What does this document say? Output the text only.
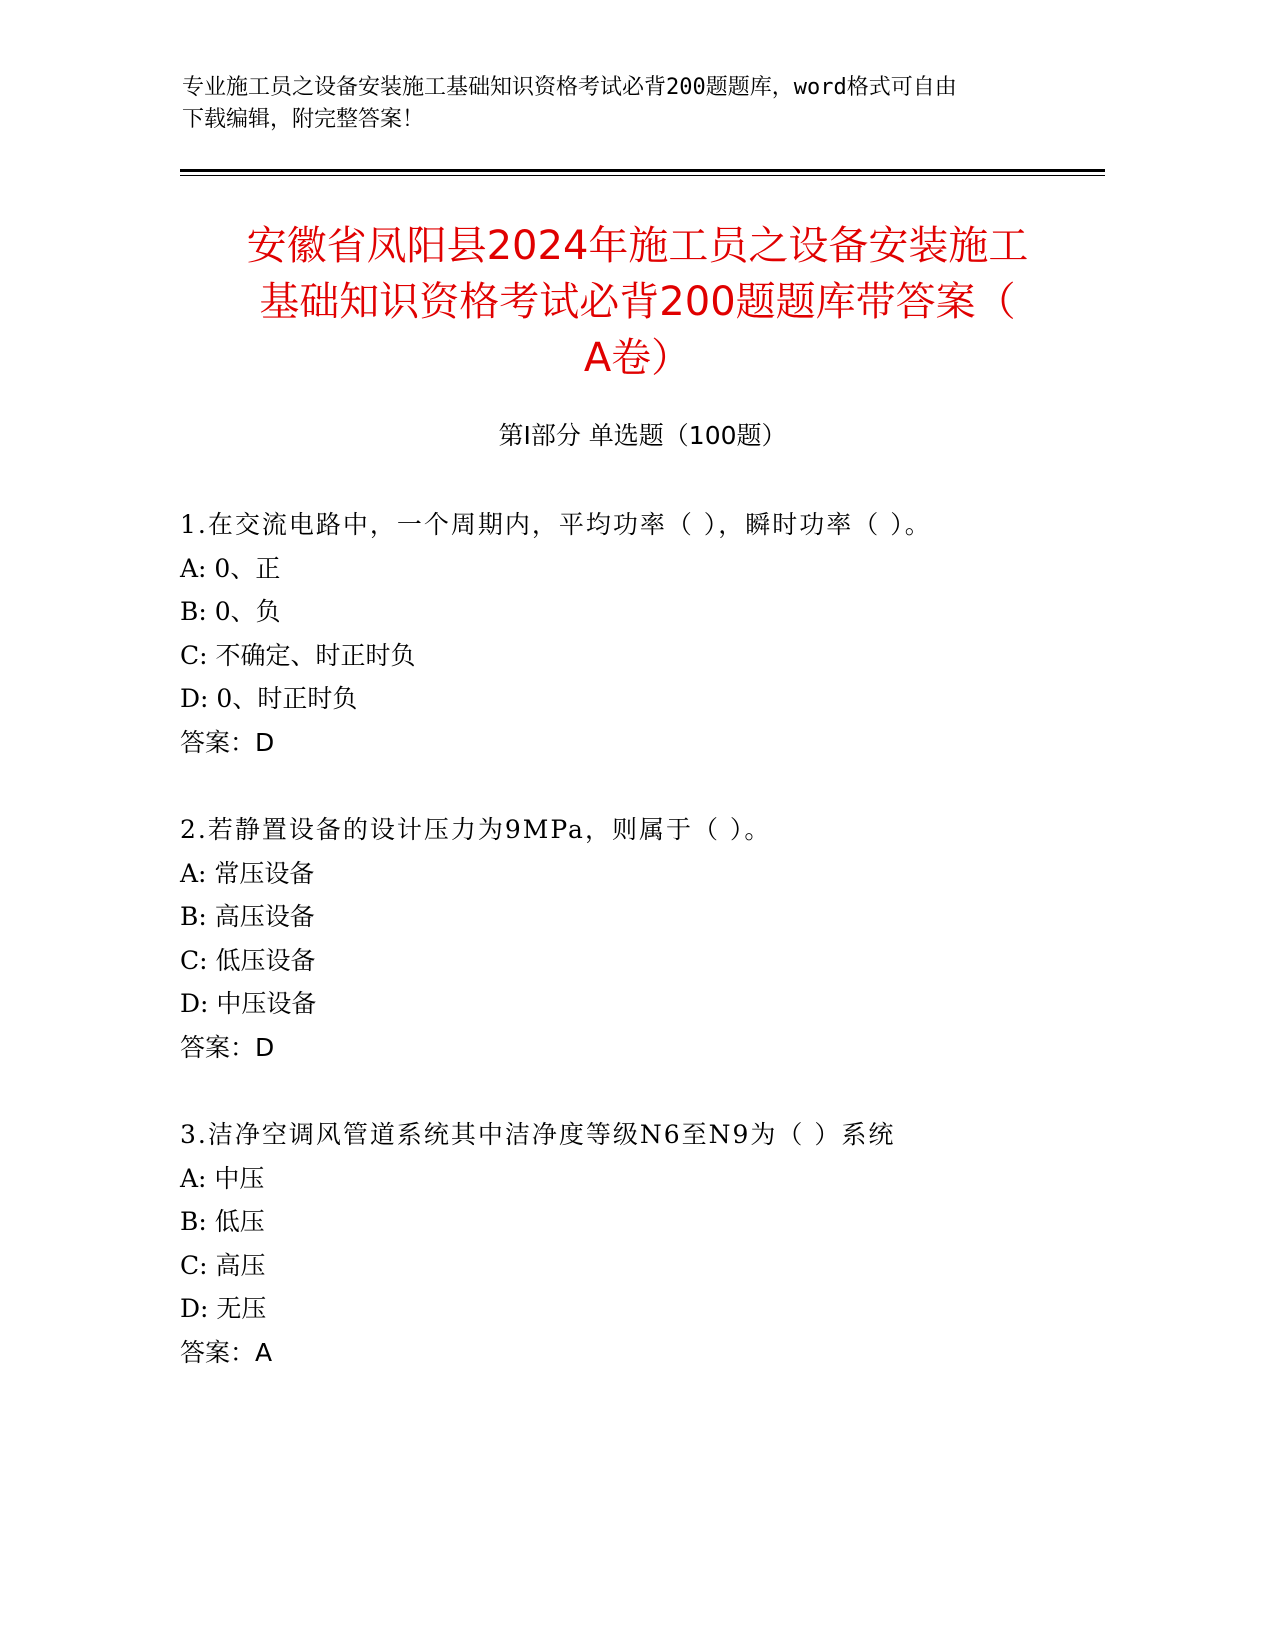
专业施工员之设备安装施工基础知识资格考试必背200题题库，word格式可自由
下载编辑，附完整答案！
安徽省凤阳县2024年施工员之设备安装施工
基础知识资格考试必背200题题库带答案（
A卷）
第Ⅰ部分 单选题（100题）
1.在交流电路中，一个周期内，平均功率（ ），瞬时功率（ ）。
A: 0、正
B: 0、负
C: 不确定、时正时负
D: 0、时正时负
答案：D
2.若静置设备的设计压力为9MPa，则属于（ ）。
A: 常压设备
B: 高压设备
C: 低压设备
D: 中压设备
答案：D
3.洁净空调风管道系统其中洁净度等级N6至N9为（ ）系统
A: 中压
B: 低压
C: 高压
D: 无压
答案：A
